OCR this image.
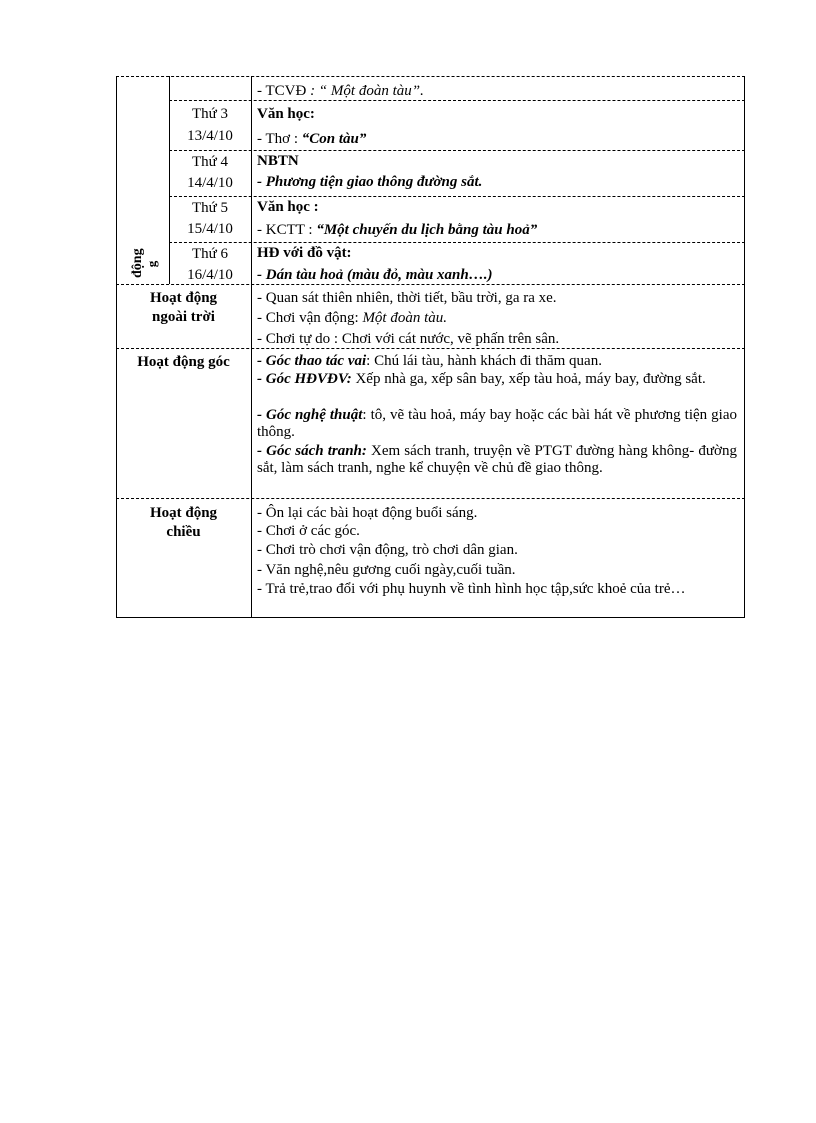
động g
- TCVĐ : “ Một đoàn tàu”.
Thứ 3
13/4/10
Văn học:
- Thơ : “Con tàu”
Thứ 4
14/4/10
NBTN
- Phương tiện giao thông đường sắt.
Thứ 5
15/4/10
Văn học :
- KCTT : “Một chuyến du lịch bằng tàu hoả”
Thứ 6
16/4/10
HĐ với đồ vật:
- Dán tàu hoả (màu đỏ, màu xanh….)
Hoạt động
ngoài trời
- Quan sát thiên nhiên, thời tiết, bầu trời, ga ra xe.
- Chơi vận động: Một đoàn tàu.
- Chơi tự do : Chơi với cát nước, vẽ phấn trên sân.
Hoạt động góc	- Góc thao tác vai: Chú lái tàu, hành khách đi thăm quan.
- Góc HĐVĐV: Xếp nhà ga, xếp sân bay, xếp tàu hoả, máy bay, đường sắt.
- Góc nghệ thuật: tô, vẽ tàu hoả, máy bay hoặc các bài hát về phương tiện giao thông.
- Góc sách tranh: Xem sách tranh, truyện về PTGT đường hàng không- đường sắt, làm sách tranh, nghe kể chuyện về chủ đề giao thông.
Hoạt động
chiều
- Ôn lại các bài hoạt động buổi sáng.
- Chơi ở các góc.
- Chơi trò chơi vận động, trò chơi dân gian.
- Văn nghệ,nêu gương cuối ngày,cuối tuần.
- Trả trẻ,trao đổi với phụ huynh về tình hình học tập,sức khoẻ của trẻ…
